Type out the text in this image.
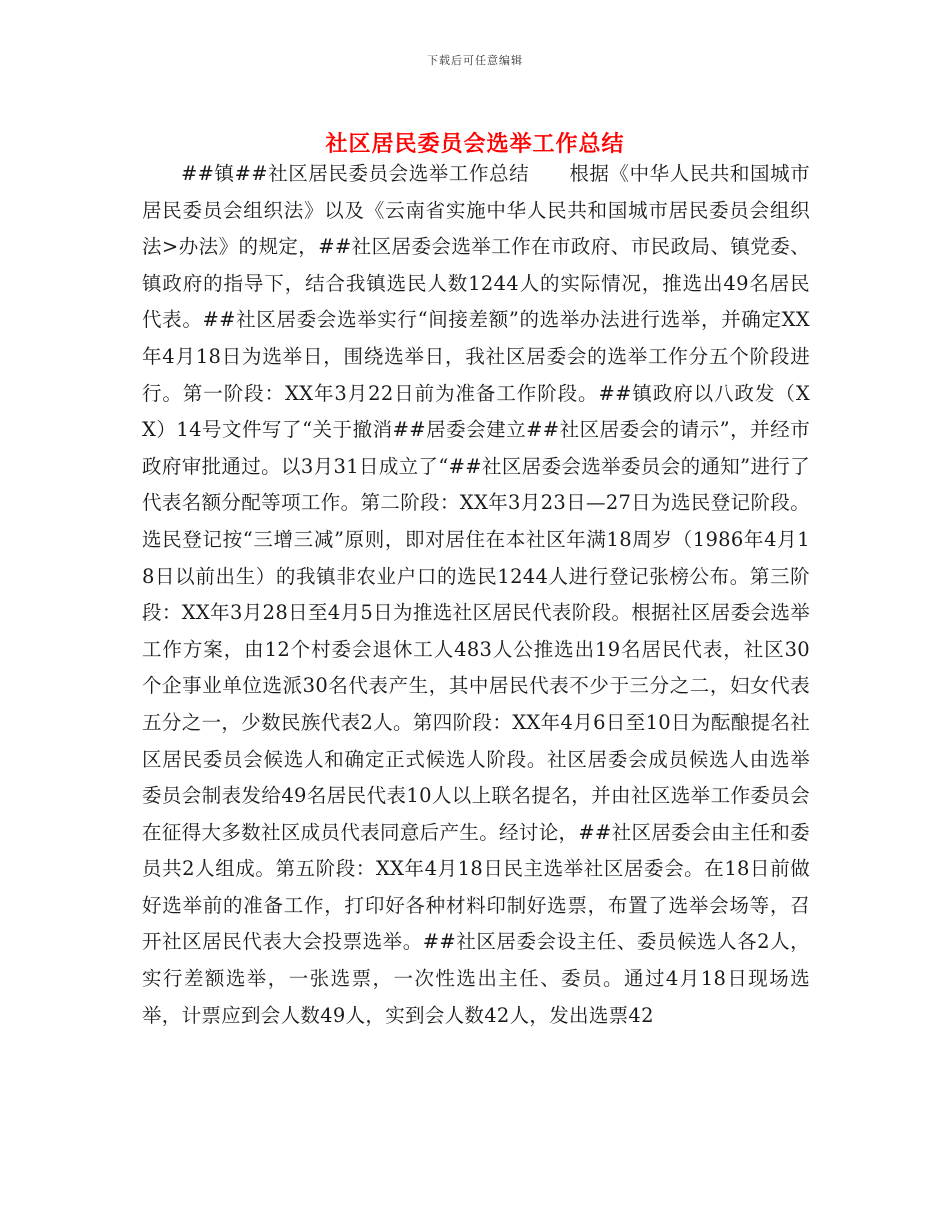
下载后可任意编辑
社区居民委员会选举工作总结

##镇##社区居民委员会选举工作总结　　根据《中华人民共和国城市居民委员会组织法》以及《云南省实施中华人民共和国城市居民委员会组织法>办法》的规定，##社区居委会选举工作在市政府、市民政局、镇党委、镇政府的指导下，结合我镇选民人数1244人的实际情况，推选出49名居民代表。##社区居委会选举实行“间接差额”的选举办法进行选举，并确定XX年4月18日为选举日，围绕选举日，我社区居委会的选举工作分五个阶段进行。第一阶段：XX年3月22日前为准备工作阶段。##镇政府以八政发（XX）14号文件写了“关于撤消##居委会建立##社区居委会的请示”，并经市政府审批通过。以3月31日成立了“##社区居委会选举委员会的通知”进行了代表名额分配等项工作。第二阶段：XX年3月23日—27日为选民登记阶段。选民登记按“三增三减”原则，即对居住在本社区年满18周岁（1986年4月18日以前出生）的我镇非农业户口的选民1244人进行登记张榜公布。第三阶段：XX年3月28日至4月5日为推选社区居民代表阶段。根据社区居委会选举工作方案，由12个村委会退休工人483人公推选出19名居民代表，社区30个企事业单位选派30名代表产生，其中居民代表不少于三分之二，妇女代表五分之一，少数民族代表2人。第四阶段：XX年4月6日至10日为酝酿提名社区居民委员会候选人和确定正式候选人阶段。社区居委会成员候选人由选举委员会制表发给49名居民代表10人以上联名提名，并由社区选举工作委员会在征得大多数社区成员代表同意后产生。经讨论，##社区居委会由主任和委员共2人组成。第五阶段：XX年4月18日民主选举社区居委会。在18日前做好选举前的准备工作，打印好各种材料印制好选票，布置了选举会场等，召开社区居民代表大会投票选举。##社区居委会设主任、委员候选人各2人，实行差额选举，一张选票，一次性选出主任、委员。通过4月18日现场选举，计票应到会人数49人，实到会人数42人，发出选票42
